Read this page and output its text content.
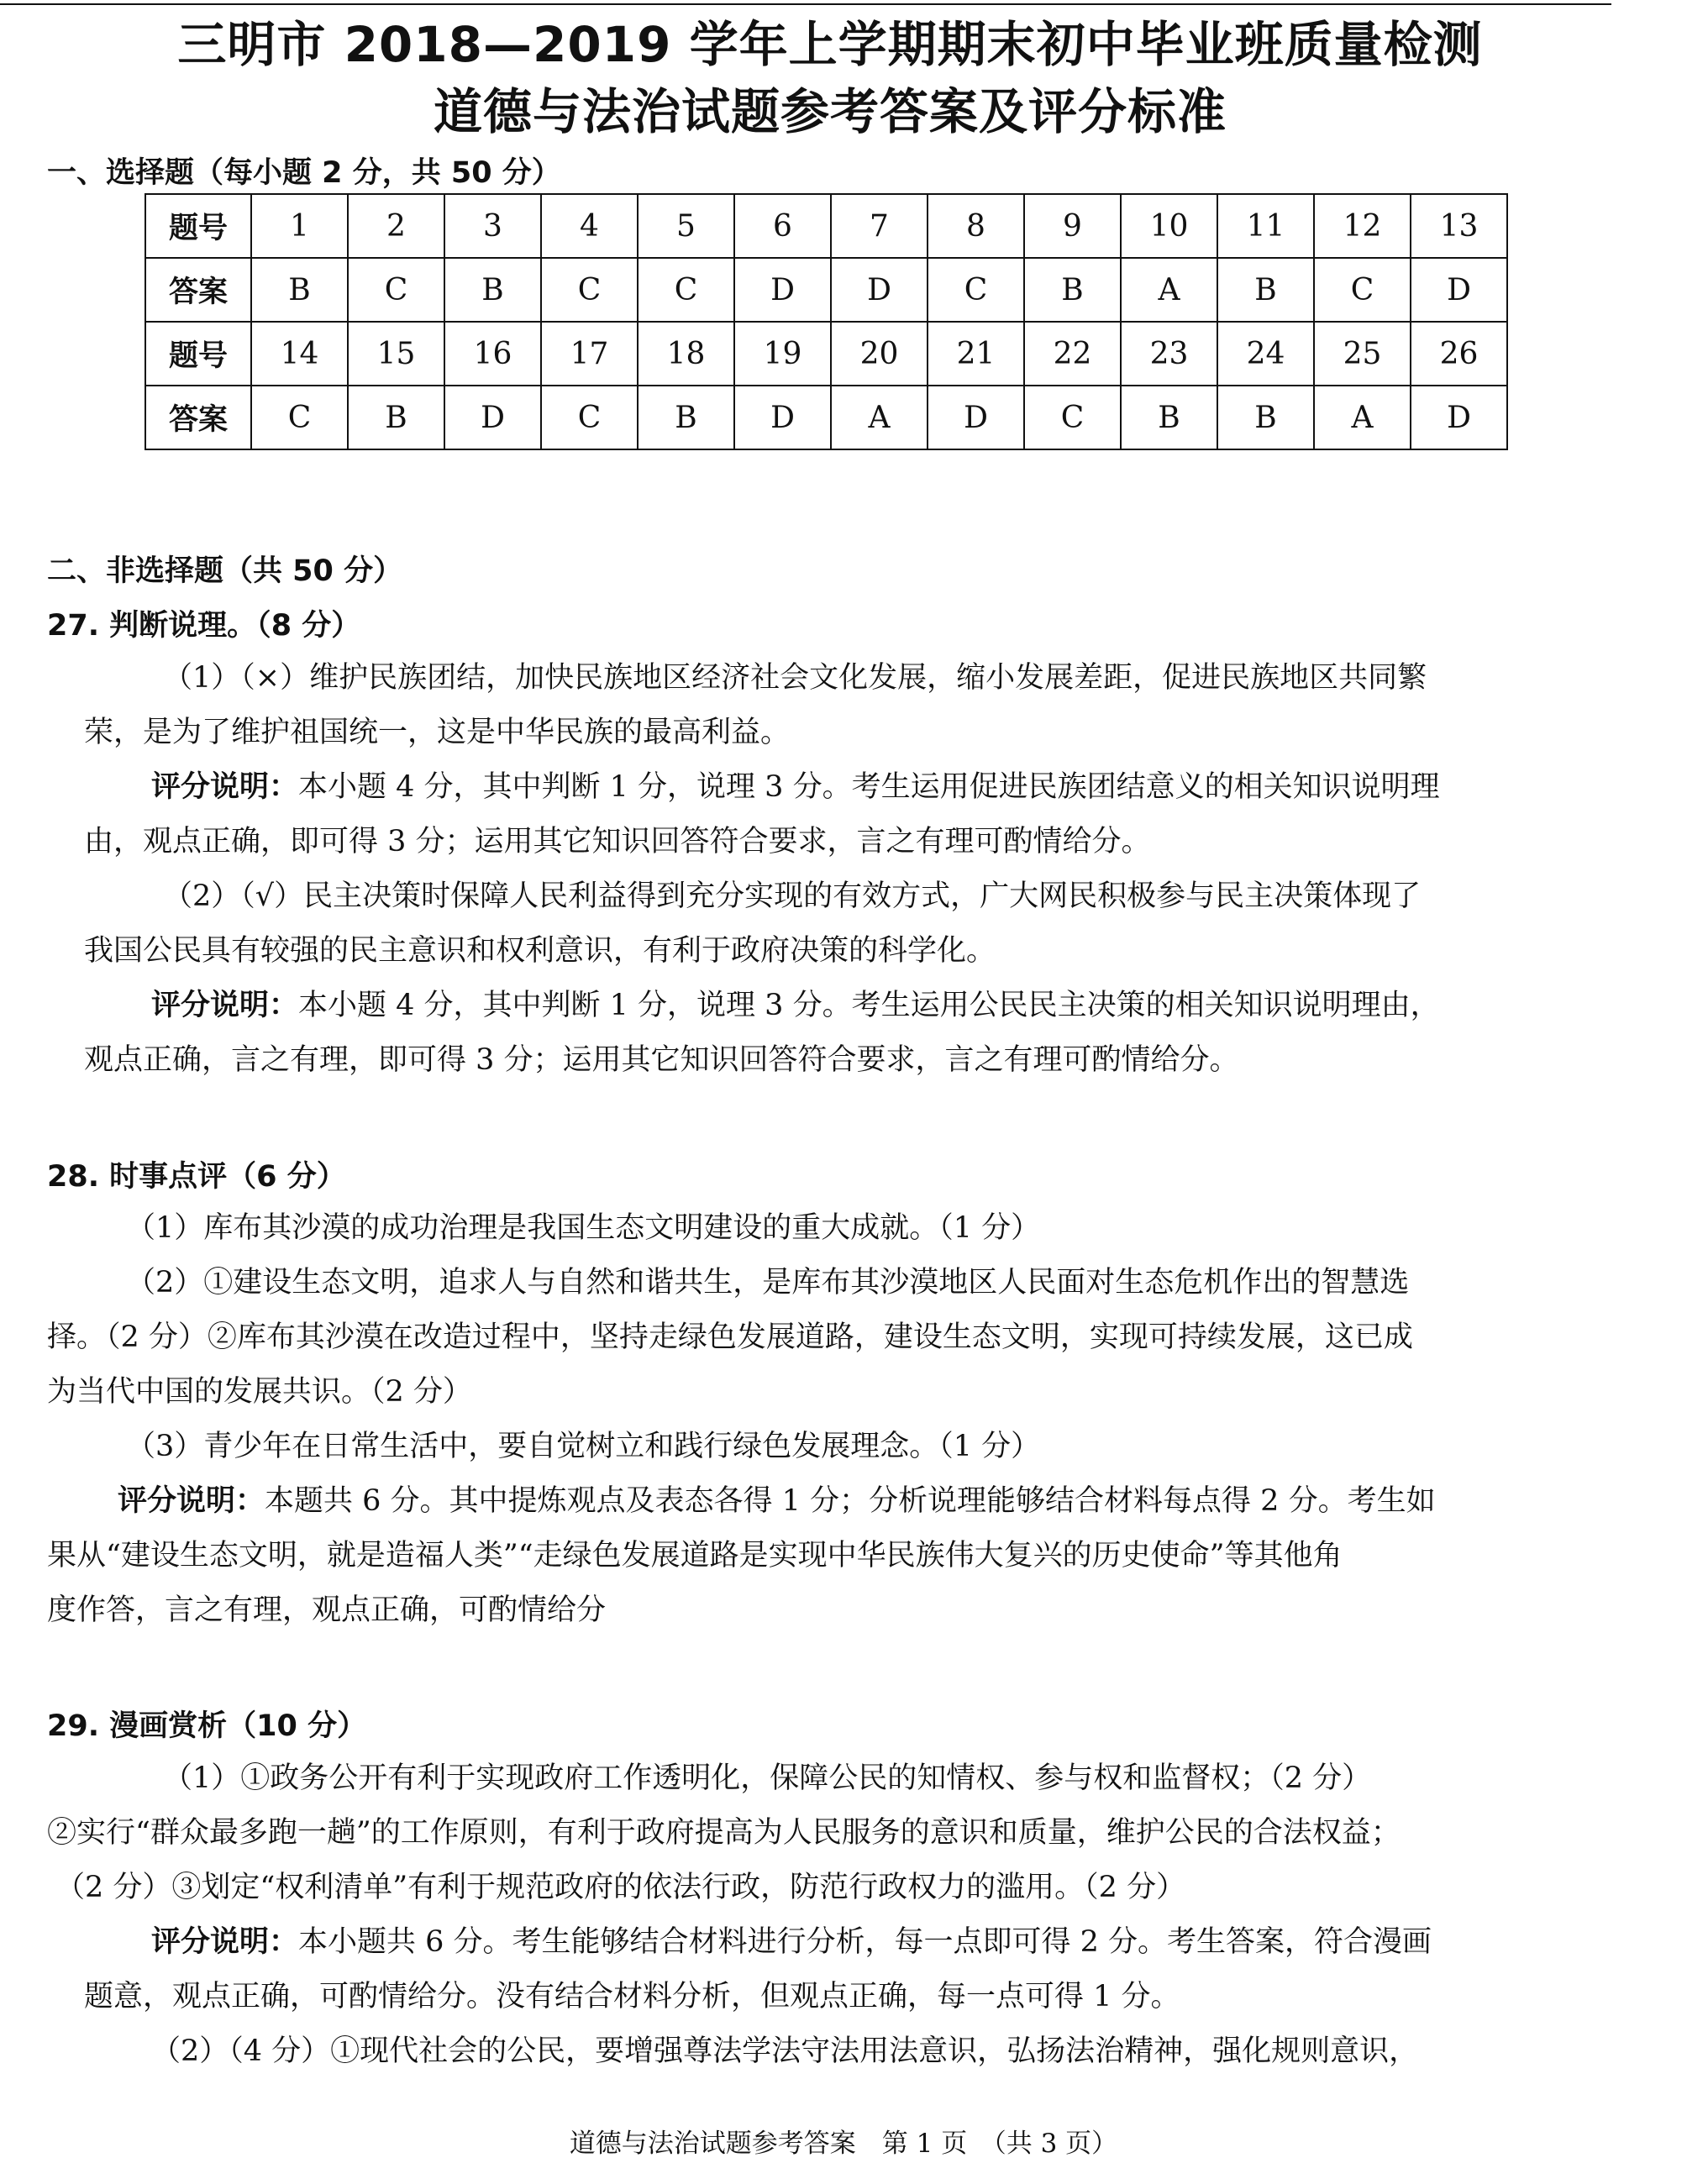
三明市 2018—2019 学年上学期期末初中毕业班质量检测
道德与法治试题参考答案及评分标准
一、选择题（每小题 2 分，共 50 分）
题号	1	2	3	4	5	6	7	8	9	10	11	12	13
答案	B	C	B	C	C	D	D	C	B	A	B	C	D
题号	14	15	16	17	18	19	20	21	22	23	24	25	26
答案	C	B	D	C	B	D	A	D	C	B	B	A	D
二、非选择题（共 50 分）
27. 判断说理。（8 分）
（1）（×）维护民族团结，加快民族地区经济社会文化发展，缩小发展差距，促进民族地区共同繁
荣，是为了维护祖国统一，这是中华民族的最高利益。
评分说明：本小题 4 分，其中判断 1 分，说理 3 分。考生运用促进民族团结意义的相关知识说明理
由，观点正确，即可得 3 分；运用其它知识回答符合要求，言之有理可酌情给分。
（2）（√）民主决策时保障人民利益得到充分实现的有效方式，广大网民积极参与民主决策体现了
我国公民具有较强的民主意识和权利意识，有利于政府决策的科学化。
评分说明：本小题 4 分，其中判断 1 分，说理 3 分。考生运用公民民主决策的相关知识说明理由，
观点正确，言之有理，即可得 3 分；运用其它知识回答符合要求，言之有理可酌情给分。
28. 时事点评（6 分）
（1）库布其沙漠的成功治理是我国生态文明建设的重大成就。（1 分）
（2）①建设生态文明，追求人与自然和谐共生，是库布其沙漠地区人民面对生态危机作出的智慧选
择。（2 分）②库布其沙漠在改造过程中，坚持走绿色发展道路，建设生态文明，实现可持续发展，这已成
为当代中国的发展共识。（2 分）
（3）青少年在日常生活中，要自觉树立和践行绿色发展理念。（1 分）
评分说明：本题共 6 分。其中提炼观点及表态各得 1 分；分析说理能够结合材料每点得 2 分。考生如
果从“建设生态文明，就是造福人类”“走绿色发展道路是实现中华民族伟大复兴的历史使命”等其他角
度作答，言之有理，观点正确，可酌情给分
29. 漫画赏析（10 分）
（1）①政务公开有利于实现政府工作透明化，保障公民的知情权、参与权和监督权；（2 分）
②实行“群众最多跑一趟”的工作原则，有利于政府提高为人民服务的意识和质量，维护公民的合法权益；
（2 分）③划定“权利清单”有利于规范政府的依法行政，防范行政权力的滥用。（2 分）
评分说明：本小题共 6 分。考生能够结合材料进行分析，每一点即可得 2 分。考生答案，符合漫画
题意，观点正确，可酌情给分。没有结合材料分析，但观点正确，每一点可得 1 分。
（2）（4 分）①现代社会的公民，要增强尊法学法守法用法意识，弘扬法治精神，强化规则意识，
道德与法治试题参考答案　第 1 页　（共 3 页）
